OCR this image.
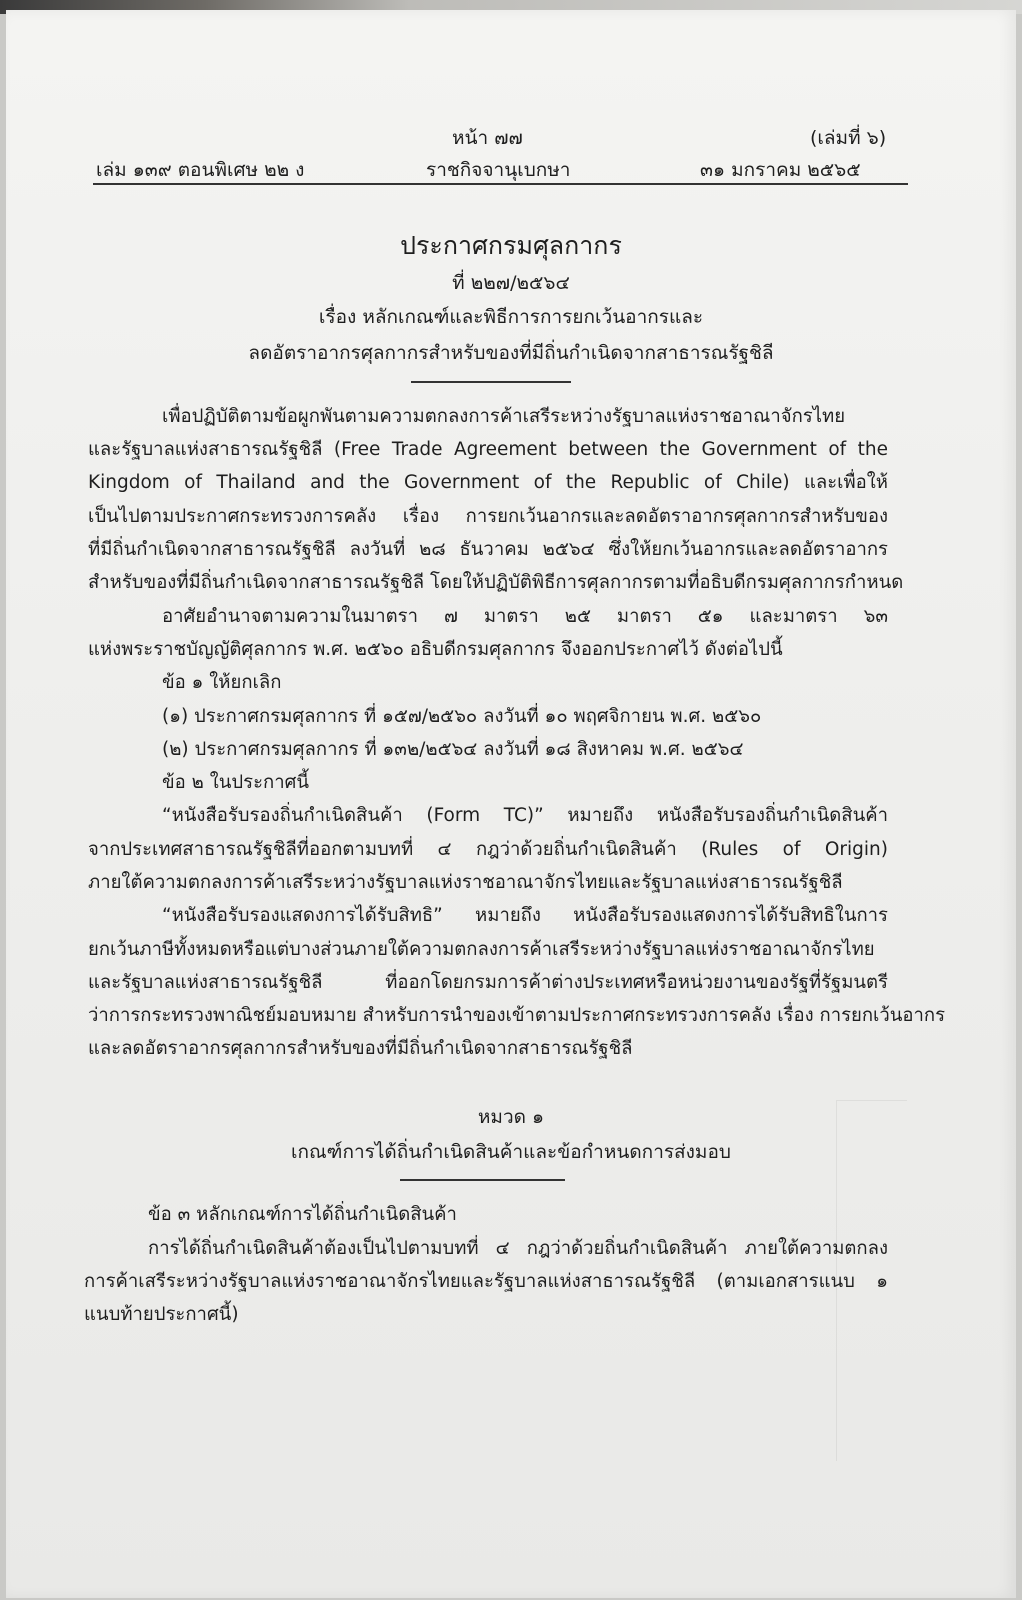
หน้า ๗๗	(เล่มที่ ๖)
เล่ม ๑๓๙ ตอนพิเศษ ๒๒ ง	ราชกิจจานุเบกษา	๓๑ มกราคม ๒๕๖๕
ประกาศกรมศุลกากร
ที่ ๒๒๗/๒๕๖๔
เรื่อง หลักเกณฑ์และพิธีการการยกเว้นอากรและ
ลดอัตราอากรศุลกากรสำหรับของที่มีถิ่นกำเนิดจากสาธารณรัฐชิลี
เพื่อปฏิบัติตามข้อผูกพันตามความตกลงการค้าเสรีระหว่างรัฐบาลแห่งราชอาณาจักรไทย
และรัฐบาลแห่งสาธารณรัฐชิลี (Free Trade Agreement between the Government of the
Kingdom of Thailand and the Government of the Republic of Chile) และเพื่อให้
เป็นไปตามประกาศกระทรวงการคลัง เรื่อง การยกเว้นอากรและลดอัตราอากรศุลกากรสำหรับของ
ที่มีถิ่นกำเนิดจากสาธารณรัฐชิลี ลงวันที่ ๒๘ ธันวาคม ๒๕๖๔ ซึ่งให้ยกเว้นอากรและลดอัตราอากร
สำหรับของที่มีถิ่นกำเนิดจากสาธารณรัฐชิลี โดยให้ปฏิบัติพิธีการศุลกากรตามที่อธิบดีกรมศุลกากรกำหนด
อาศัยอำนาจตามความในมาตรา ๗ มาตรา ๒๕ มาตรา ๕๑ และมาตรา ๖๓
แห่งพระราชบัญญัติศุลกากร พ.ศ. ๒๕๖๐ อธิบดีกรมศุลกากร จึงออกประกาศไว้ ดังต่อไปนี้
ข้อ ๑ ให้ยกเลิก
(๑) ประกาศกรมศุลกากร ที่ ๑๕๗/๒๕๖๐ ลงวันที่ ๑๐ พฤศจิกายน พ.ศ. ๒๕๖๐
(๒) ประกาศกรมศุลกากร ที่ ๑๓๒/๒๕๖๔ ลงวันที่ ๑๘ สิงหาคม พ.ศ. ๒๕๖๔
ข้อ ๒ ในประกาศนี้
“หนังสือรับรองถิ่นกำเนิดสินค้า (Form TC)” หมายถึง หนังสือรับรองถิ่นกำเนิดสินค้า
จากประเทศสาธารณรัฐชิลีที่ออกตามบทที่ ๔ กฎว่าด้วยถิ่นกำเนิดสินค้า (Rules of Origin)
ภายใต้ความตกลงการค้าเสรีระหว่างรัฐบาลแห่งราชอาณาจักรไทยและรัฐบาลแห่งสาธารณรัฐชิลี
“หนังสือรับรองแสดงการได้รับสิทธิ” หมายถึง หนังสือรับรองแสดงการได้รับสิทธิในการ
ยกเว้นภาษีทั้งหมดหรือแต่บางส่วนภายใต้ความตกลงการค้าเสรีระหว่างรัฐบาลแห่งราชอาณาจักรไทย
และรัฐบาลแห่งสาธารณรัฐชิลี ที่ออกโดยกรมการค้าต่างประเทศหรือหน่วยงานของรัฐที่รัฐมนตรี
ว่าการกระทรวงพาณิชย์มอบหมาย สำหรับการนำของเข้าตามประกาศกระทรวงการคลัง เรื่อง การยกเว้นอากร
และลดอัตราอากรศุลกากรสำหรับของที่มีถิ่นกำเนิดจากสาธารณรัฐชิลี
หมวด ๑
เกณฑ์การได้ถิ่นกำเนิดสินค้าและข้อกำหนดการส่งมอบ
ข้อ ๓ หลักเกณฑ์การได้ถิ่นกำเนิดสินค้า
การได้ถิ่นกำเนิดสินค้าต้องเป็นไปตามบทที่ ๔ กฎว่าด้วยถิ่นกำเนิดสินค้า ภายใต้ความตกลง
การค้าเสรีระหว่างรัฐบาลแห่งราชอาณาจักรไทยและรัฐบาลแห่งสาธารณรัฐชิลี (ตามเอกสารแนบ ๑
แนบท้ายประกาศนี้)
